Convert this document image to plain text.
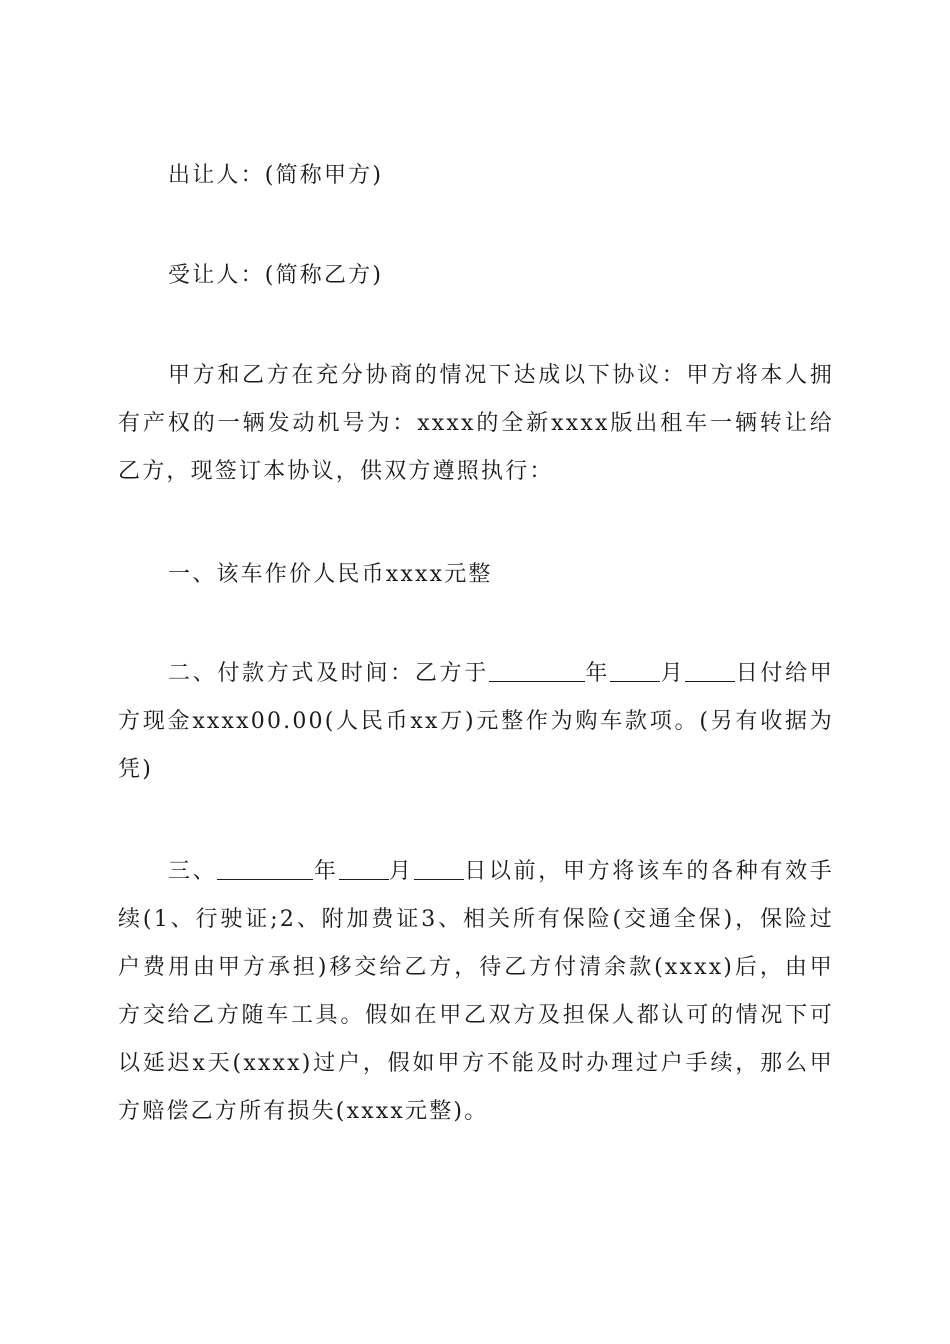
出让人：(简称甲方)

受让人：(简称乙方)

甲方和乙方在充分协商的情况下达成以下协议：甲方将本人拥有产权的一辆发动机号为：xxxx的全新xxxx版出租车一辆转让给乙方，现签订本协议，供双方遵照执行：

一、该车作价人民币xxxx元整

二、付款方式及时间：乙方于	年 月 日付给甲方现金xxxx00.00(人民币xx万)元整作为购车款项。(另有收据为凭)

三、	年 月 日以前，甲方将该车的各种有效手续(1、行驶证;2、附加费证3、相关所有保险(交通全保)，保险过户费用由甲方承担)移交给乙方，待乙方付清余款(xxxx)后，由甲方交给乙方随车工具。假如在甲乙双方及担保人都认可的情况下可以延迟x天(xxxx)过户，假如甲方不能及时办理过户手续，那么甲方赔偿乙方所有损失(xxxx元整)。
